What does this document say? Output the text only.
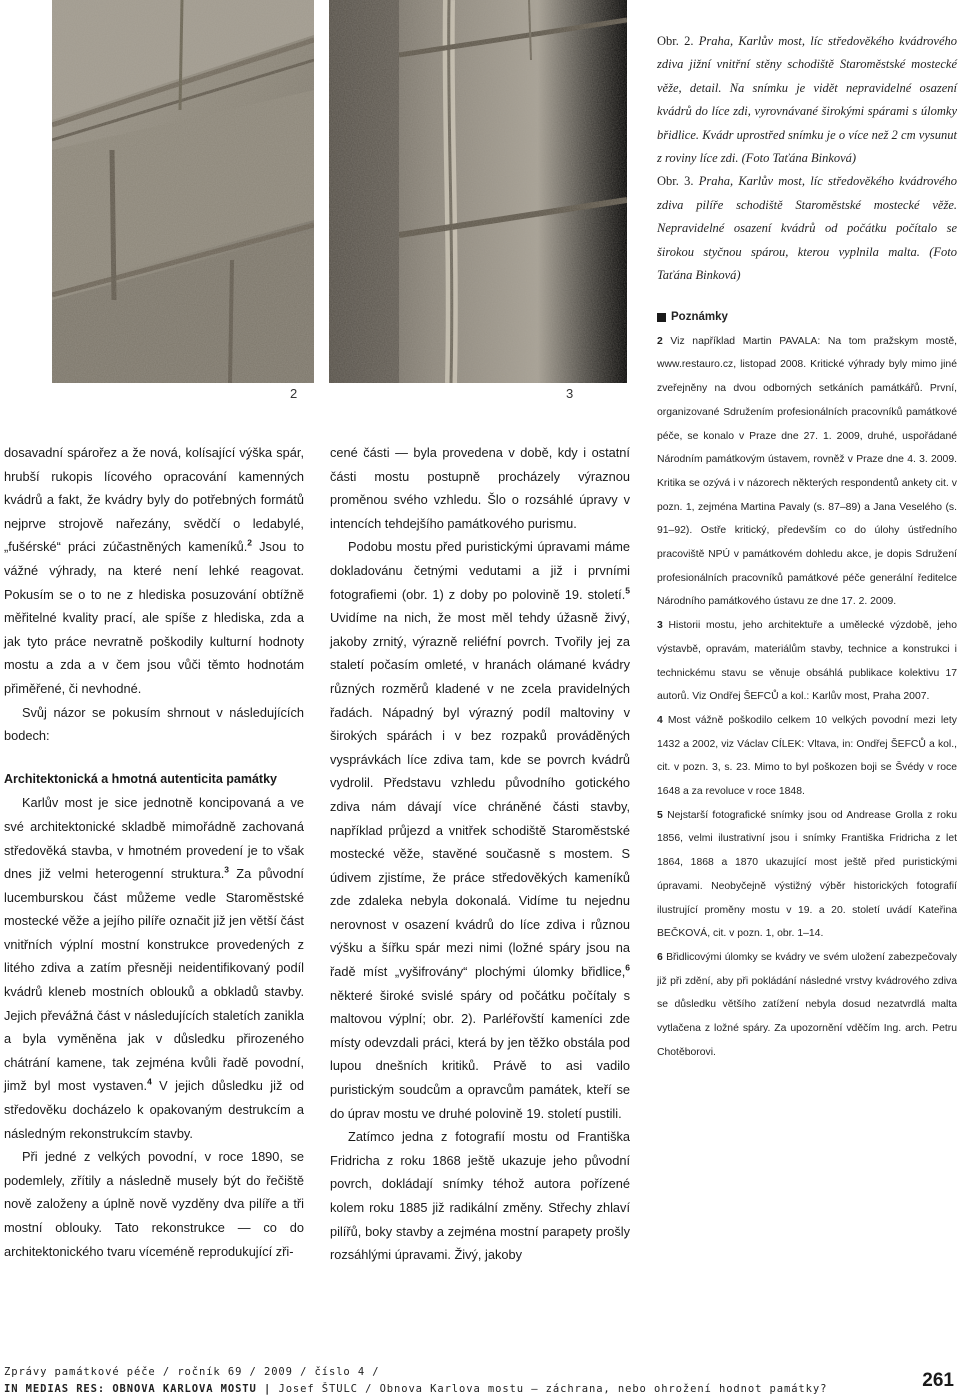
2	3

Obr. 2. Praha, Karlův most, líc středověkého kvádrového zdiva jižní vnitřní stěny schodiště Staroměstské mostecké věže, detail. Na snímku je vidět nepravidelné osazení kvádrů do líce zdi, vyrovnávané širokými spárami s úlomky břidlice. Kvádr uprostřed snímku je o více než 2 cm vysunut z roviny líce zdi. (Foto Taťána Binková)

Obr. 3. Praha, Karlův most, líc středověkého kvádrového zdiva pilíře schodiště Staroměstské mostecké věže. Nepravidelné osazení kvádrů od počátku počítalo se širokou styčnou spárou, kterou vyplnila malta. (Foto Taťána Binková)

Poznámky

2 Viz například Martin PAVALA: Na tom pražskym mostě, www.restauro.cz, listopad 2008. Kritické výhrady byly mimo jiné zveřejněny na dvou odborných setkáních památkářů. První, organizované Sdružením profesionálních pracovníků památkové péče, se konalo v Praze dne 27. 1. 2009, druhé, uspořádané Národním památkovým ústavem, rovněž v Praze dne 4. 3. 2009. Kritika se ozývá i v názorech některých respondentů ankety cit. v pozn. 1, zejména Martina Pavaly (s. 87–89) a Jana Veselého (s. 91–92). Ostře kritický, především co do úlohy ústředního pracoviště NPÚ v památkovém dohledu akce, je dopis Sdružení profesionálních pracovníků památkové péče generální ředitelce Národního památkového ústavu ze dne 17. 2. 2009.

3 Historii mostu, jeho architektuře a umělecké výzdobě, jeho výstavbě, opravám, materiálům stavby, technice a konstrukci i technickému stavu se věnuje obsáhlá publikace kolektivu 17 autorů. Viz Ondřej ŠEFCŮ a kol.: Karlův most, Praha 2007.

4 Most vážně poškodilo celkem 10 velkých povodní mezi lety 1432 a 2002, viz Václav CÍLEK: Vltava, in: Ondřej ŠEFCŮ a kol., cit. v pozn. 3, s. 23. Mimo to byl poškozen boji se Švédy v roce 1648 a za revoluce v roce 1848.

5 Nejstarší fotografické snímky jsou od Andrease Grolla z roku 1856, velmi ilustrativní jsou i snímky Františka Fridricha z let 1864, 1868 a 1870 ukazující most ještě před puristickými úpravami. Neobyčejně výstižný výběr historických fotografií ilustrující proměny mostu v 19. a 20. století uvádí Kateřina BEČKOVÁ, cit. v pozn. 1, obr. 1–14.

6 Břidlicovými úlomky se kvádry ve svém uložení zabezpečovaly již při zdění, aby při pokládání následné vrstvy kvádrového zdiva se důsledku většího zatížení nebyla dosud nezatvrdlá malta vytlačena z ložné spáry. Za upozornění vděčím Ing. arch. Petru Chotěborovi.

dosavadní spárořez a že nová, kolísající výška spár, hrubší rukopis lícového opracování kamenných kvádrů a fakt, že kvádry byly do potřebných formátů nejprve strojově nařezány, svědčí o ledabylé, „fušérské“ práci zúčastněných kameníků.$^2$ Jsou to vážné výhrady, na které není lehké reagovat. Pokusím se o to ne z hlediska posuzování obtížně měřitelné kvality prací, ale spíše z hlediska, zda a jak tyto práce nevratně poškodily kulturní hodnoty mostu a zda a v čem jsou vůči těmto hodnotám přiměřené, či nevhodné.

Svůj názor se pokusím shrnout v následujících bodech:

Architektonická a hmotná autenticita památky

Karlův most je sice jednotně koncipovaná a ve své architektonické skladbě mimořádně zachovaná středověká stavba, v hmotném provedení je to však dnes již velmi heterogenní struktura.$^3$ Za původní lucemburskou část můžeme vedle Staroměstské mostecké věže a jejího pilíře označit již jen větší část vnitřních výplní mostní konstrukce provedených z litého zdiva a zatím přesněji neidentifikovaný podíl kvádrů kleneb mostních oblouků a obkladů stavby. Jejich převážná část v následujících staletích zanikla a byla vyměněna jak v důsledku přirozeného chátrání kamene, tak zejména kvůli řadě povodní, jimž byl most vystaven.$^4$ V jejich důsledku již od středověku docházelo k opakovaným destrukcím a následným rekonstrukcím stavby.

Při jedné z velkých povodní, v roce 1890, se podemlely, zřítily a následně musely být do řečiště nově založeny a úplně nově vyzděny dva pilíře a tři mostní oblouky. Tato rekonstrukce — co do architektonického tvaru víceméně reprodukující zři-

cené části — byla provedena v době, kdy i ostatní části mostu postupně procházely výraznou proměnou svého vzhledu. Šlo o rozsáhlé úpravy v intencích tehdejšího památkového purismu.

Podobu mostu před puristickými úpravami máme dokladovánu četnými vedutami a již i prvními fotografiemi (obr. 1) z doby po polovině 19. století.$^5$ Uvidíme na nich, že most měl tehdy úžasně živý, jakoby zrnitý, výrazně reliéfní povrch. Tvořily jej za staletí počasím omleté, v hranách olámané kvádry různých rozměrů kladené v ne zcela pravidelných řadách. Nápadný byl výrazný podíl maltoviny v širokých spárách i v bez rozpaků prováděných vysprávkách líce zdiva tam, kde se povrch kvádrů vydrolil. Představu vzhledu původního gotického zdiva nám dávají více chráněné části stavby, například průjezd a vnitřek schodiště Staroměstské mostecké věže, stavěné současně s mostem. S údivem zjistíme, že práce středověkých kameníků zde zdaleka nebyla dokonalá. Vidíme tu nejednu nerovnost v osazení kvádrů do líce zdiva i různou výšku a šířku spár mezi nimi (ložné spáry jsou na řadě míst „vyšifrovány“ plochými úlomky břidlice,$^6$ některé široké svislé spáry od počátku počítaly s maltovou výplní; obr. 2). Parléřovští kameníci zde místy odevzdali práci, která by jen těžko obstála pod lupou dnešních kritiků. Právě to asi vadilo puristickým soudcům a opravcům památek, kteří se do úprav mostu ve druhé polovině 19. století pustili.

Zatímco jedna z fotografií mostu od Františka Fridricha z roku 1868 ještě ukazuje jeho původní povrch, dokládají snímky téhož autora pořízené kolem roku 1885 již radikální změny. Střechy zhlaví pilířů, boky stavby a zejména mostní parapety prošly rozsáhlými úpravami. Živý, jakoby

Zprávy památkové péče / ročník 69 / 2009 / číslo 4 /
IN MEDIAS RES: OBNOVA KARLOVA MOSTU | Josef ŠTULC / Obnova Karlova mostu — záchrana, nebo ohrožení hodnot památky?	261
